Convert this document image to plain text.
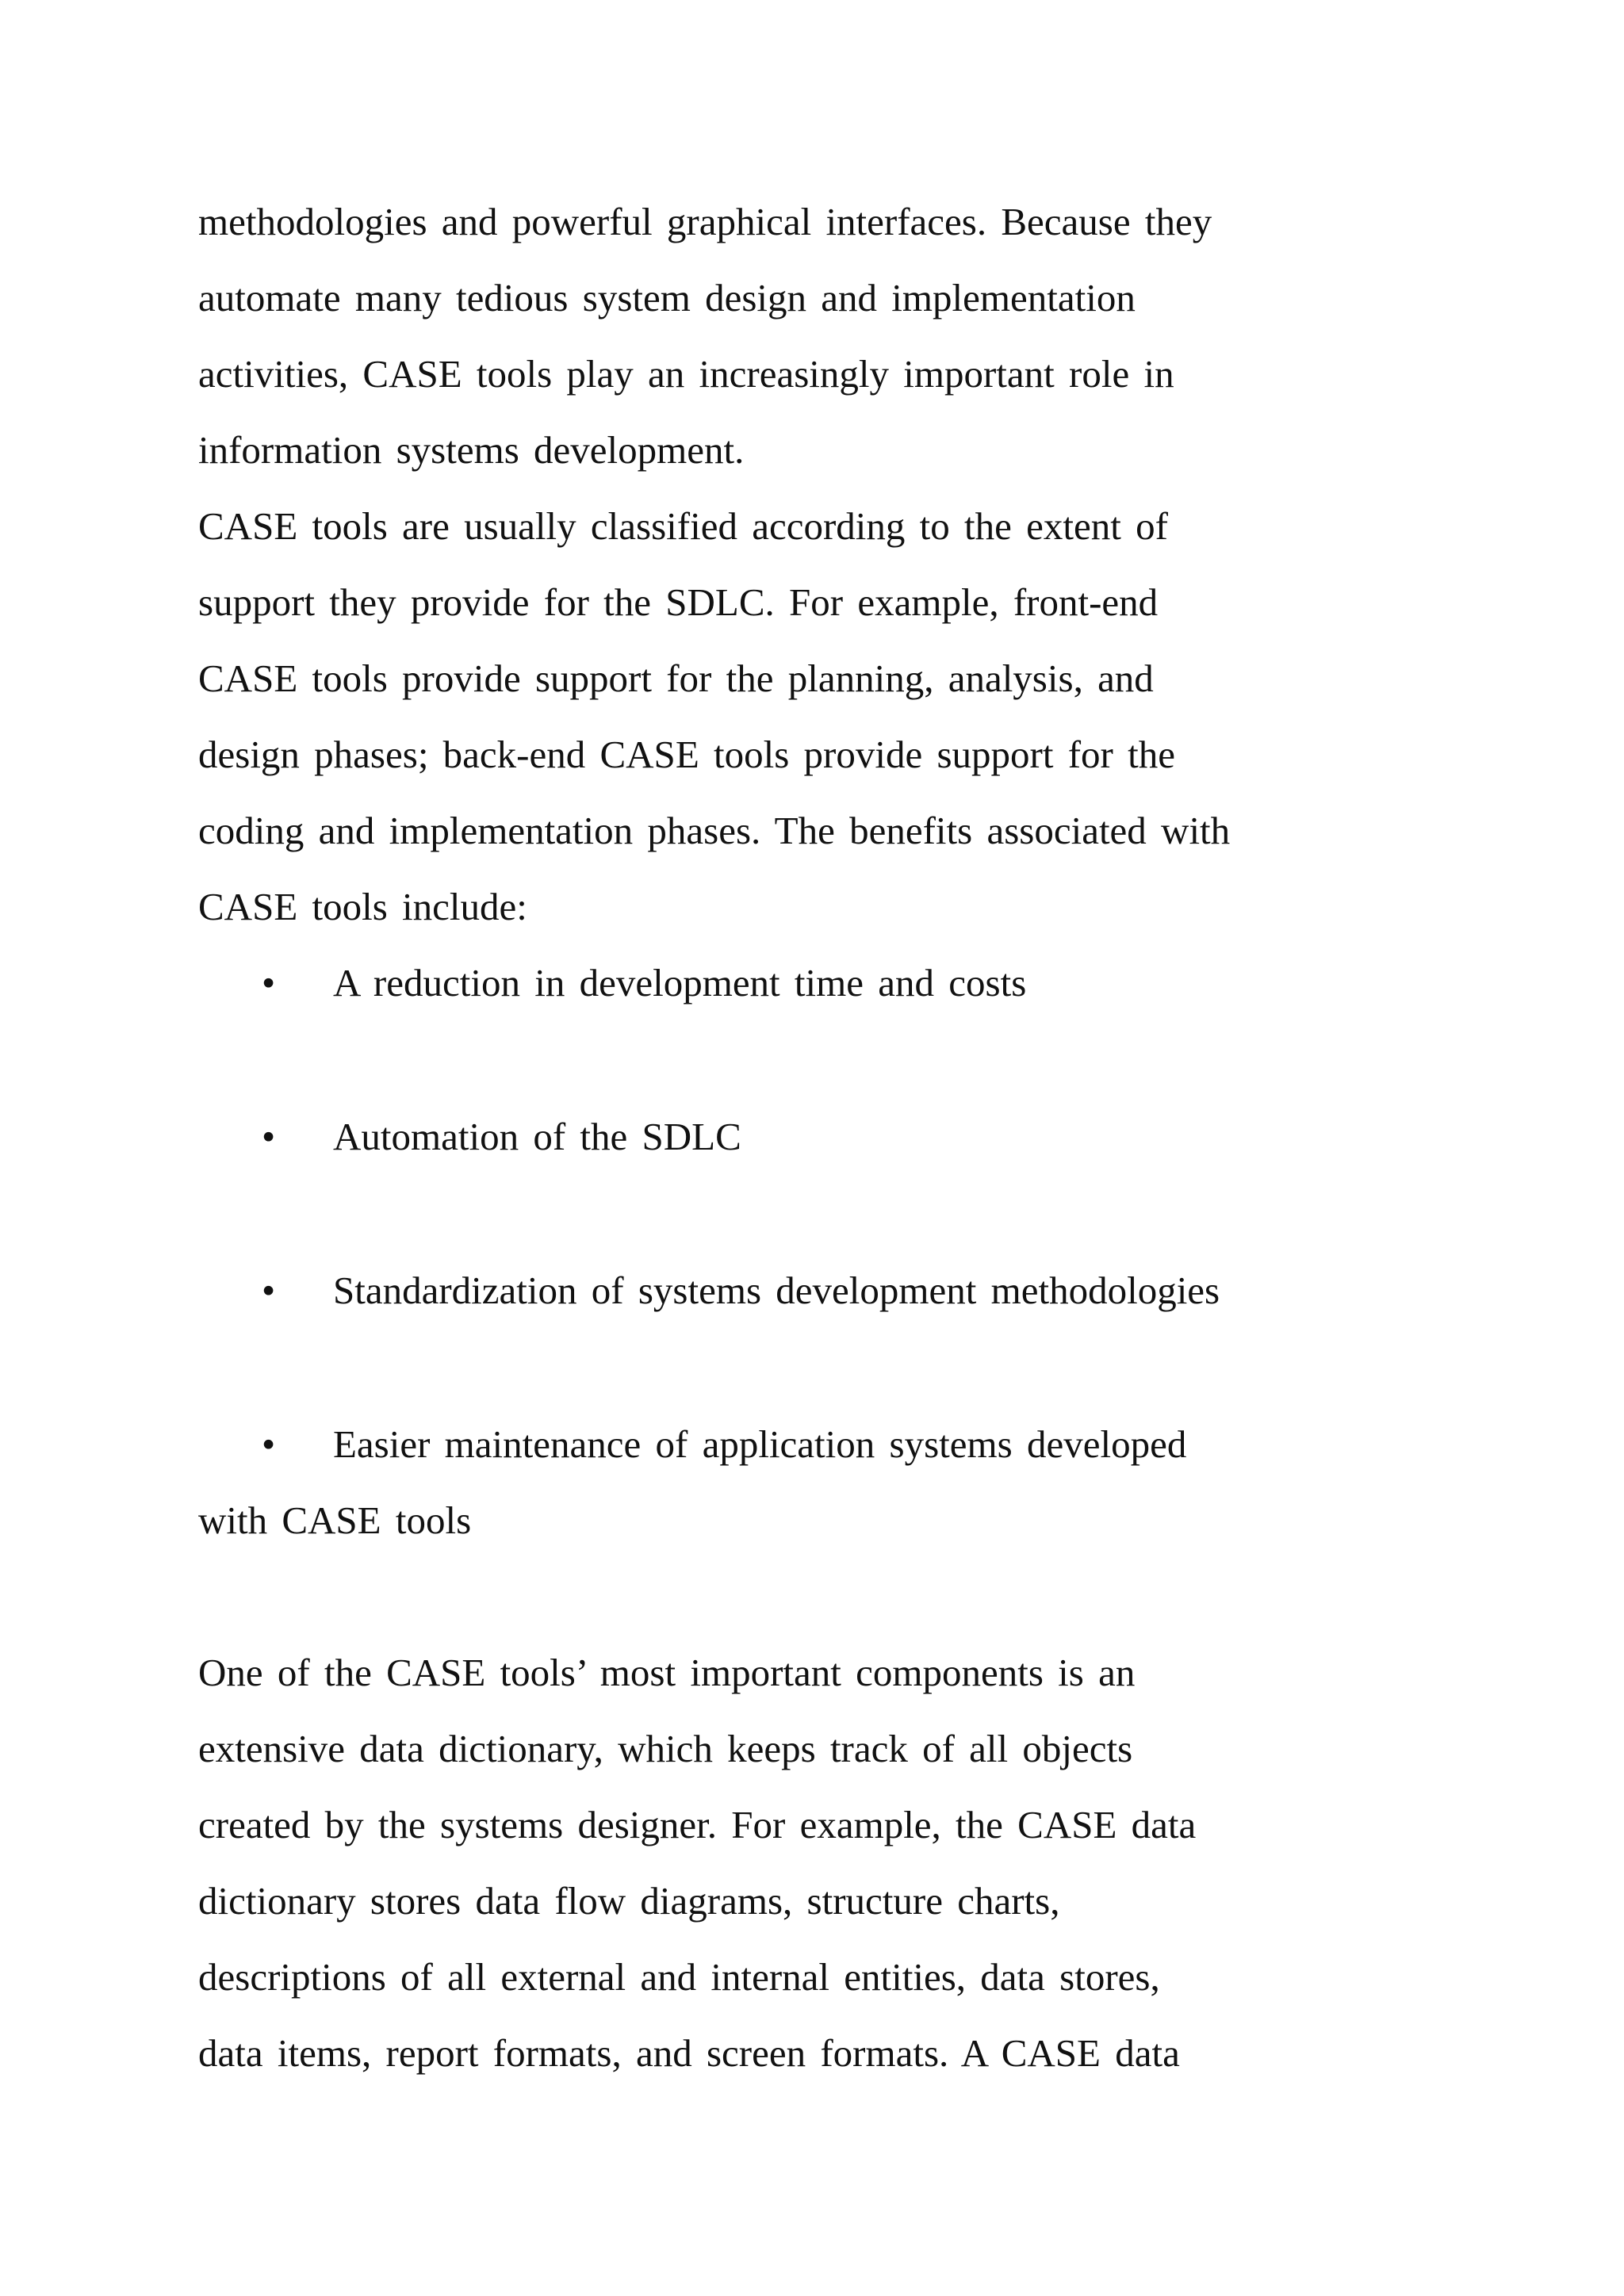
methodologies and powerful graphical interfaces. Because they

automate many tedious system design and implementation

activities, CASE tools play an increasingly important role in

information systems development.

CASE tools are usually classified according to the extent of

support they provide for the SDLC. For example, front-end

CASE tools provide support for the planning, analysis, and

design phases; back-end CASE tools provide support for the

coding and implementation phases. The benefits associated with

CASE tools include:

• A reduction in development time and costs
• Automation of the SDLC
• Standardization of systems development methodologies
• Easier maintenance of application systems developed

with CASE tools

One of the CASE tools’ most important components is an

extensive data dictionary, which keeps track of all objects

created by the systems designer. For example, the CASE data

dictionary stores data flow diagrams, structure charts,

descriptions of all external and internal entities, data stores,

data items, report formats, and screen formats. A CASE data
